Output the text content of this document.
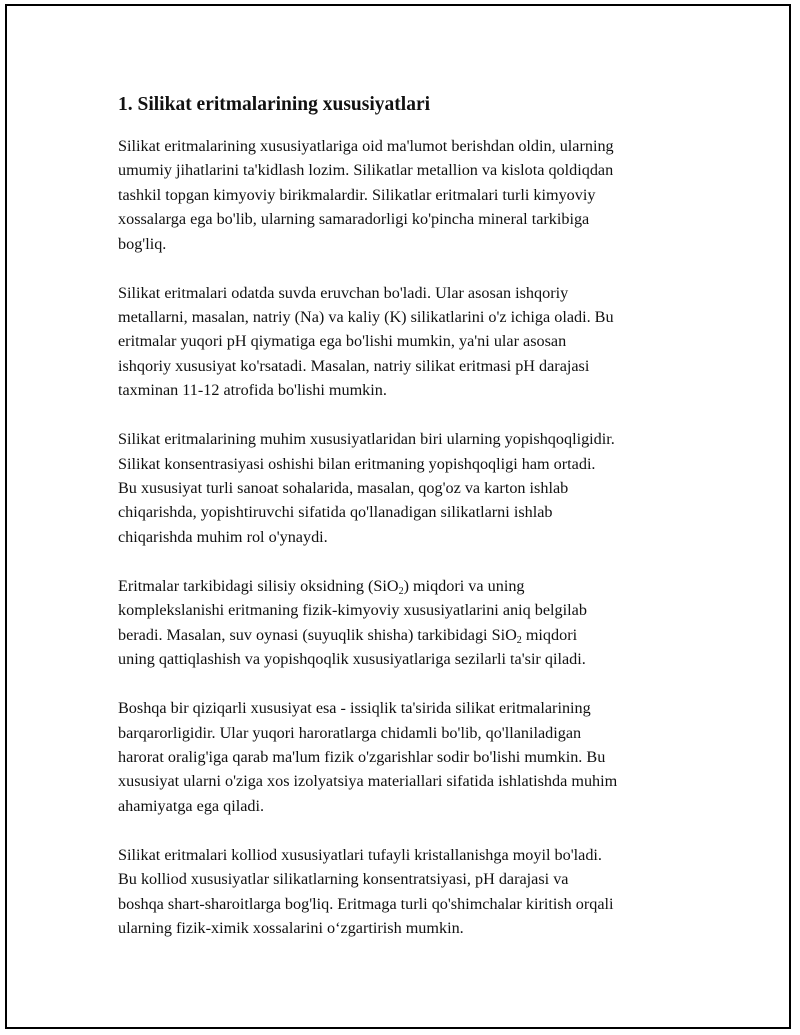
1. Silikat eritmalarining xususiyatlari

Silikat eritmalarining xususiyatlariga oid ma'lumot berishdan oldin, ularning
umumiy jihatlarini ta'kidlash lozim. Silikatlar metallion va kislota qoldiqdan
tashkil topgan kimyoviy birikmalardir. Silikatlar eritmalari turli kimyoviy
xossalarga ega bo'lib, ularning samaradorligi ko'pincha mineral tarkibiga
bog'liq.

Silikat eritmalari odatda suvda eruvchan bo'ladi. Ular asosan ishqoriy
metallarni, masalan, natriy (Na) va kaliy (K) silikatlarini o'z ichiga oladi. Bu
eritmalar yuqori pH qiymatiga ega bo'lishi mumkin, ya'ni ular asosan
ishqoriy xususiyat ko'rsatadi. Masalan, natriy silikat eritmasi pH darajasi
taxminan 11-12 atrofida bo'lishi mumkin.

Silikat eritmalarining muhim xususiyatlaridan biri ularning yopishqoqligidir.
Silikat konsentrasiyasi oshishi bilan eritmaning yopishqoqligi ham ortadi.
Bu xususiyat turli sanoat sohalarida, masalan, qog'oz va karton ishlab
chiqarishda, yopishtiruvchi sifatida qo'llanadigan silikatlarni ishlab
chiqarishda muhim rol o'ynaydi.

Eritmalar tarkibidagi silisiy oksidning (SiO$_2$) miqdori va uning
komplekslanishi eritmaning fizik-kimyoviy xususiyatlarini aniq belgilab
beradi. Masalan, suv oynasi (suyuqlik shisha) tarkibidagi SiO$_2$ miqdori
uning qattiqlashish va yopishqoqlik xususiyatlariga sezilarli ta'sir qiladi.

Boshqa bir qiziqarli xususiyat esa - issiqlik ta'sirida silikat eritmalarining
barqarorligidir. Ular yuqori haroratlarga chidamli bo'lib, qo'llaniladigan
harorat oralig'iga qarab ma'lum fizik o'zgarishlar sodir bo'lishi mumkin. Bu
xususiyat ularni o'ziga xos izolyatsiya materiallari sifatida ishlatishda muhim
ahamiyatga ega qiladi.

Silikat eritmalari kolliod xususiyatlari tufayli kristallanishga moyil bo'ladi.
Bu kolliod xususiyatlar silikatlarning konsentratsiyasi, pH darajasi va
boshqa shart-sharoitlarga bog'liq. Eritmaga turli qo'shimchalar kiritish orqali
ularning fizik-ximik xossalarini o‘zgartirish mumkin.
